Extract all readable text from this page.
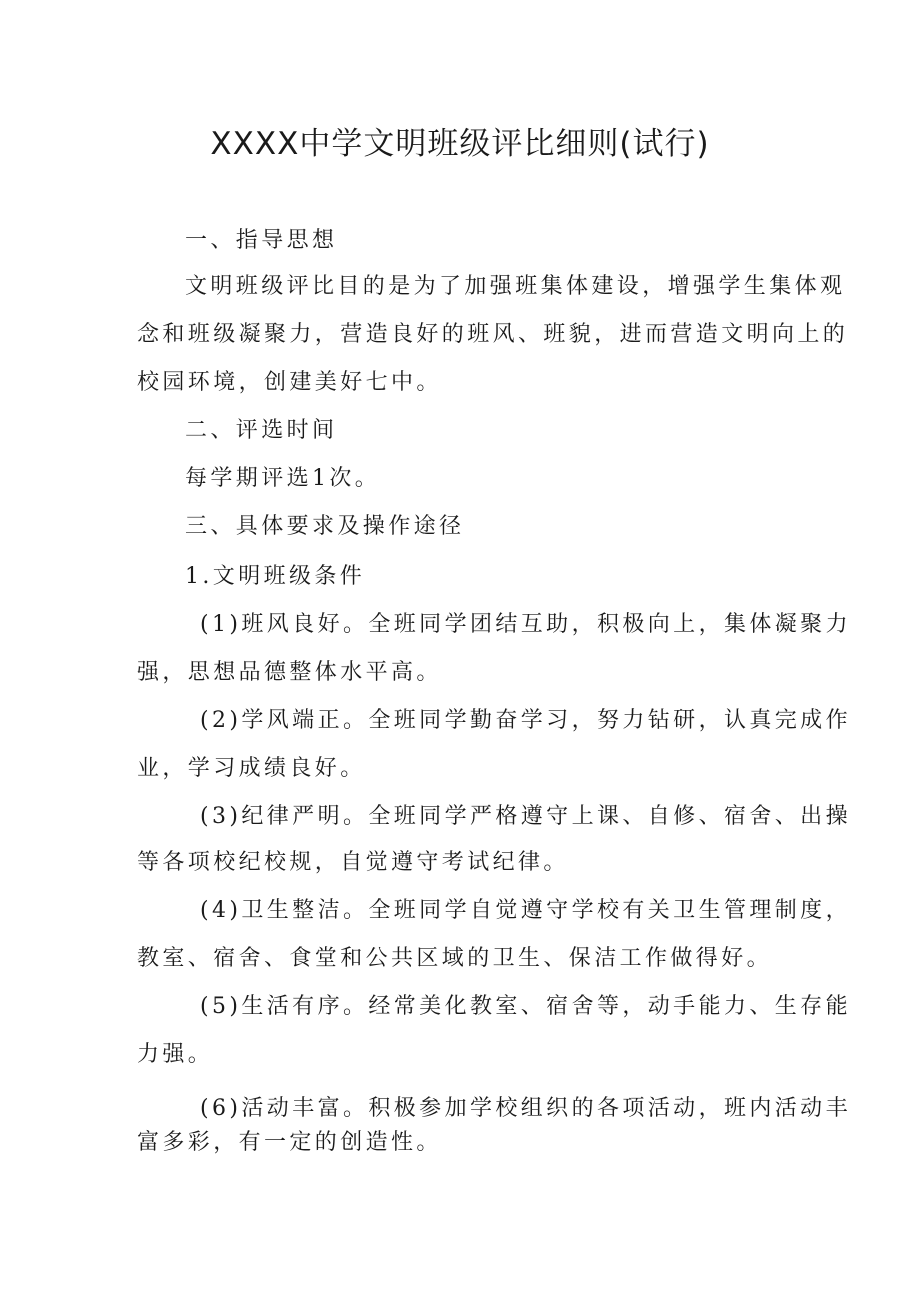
XXXX中学文明班级评比细则(试行)
一、指导思想
文明班级评比目的是为了加强班集体建设，增强学生集体观
念和班级凝聚力，营造良好的班风、班貌，进而营造文明向上的
校园环境，创建美好七中。
二、评选时间
每学期评选1次。
三、具体要求及操作途径
1.文明班级条件
(1)班风良好。全班同学团结互助，积极向上，集体凝聚力
强，思想品德整体水平高。
(2)学风端正。全班同学勤奋学习，努力钻研，认真完成作
业，学习成绩良好。
(3)纪律严明。全班同学严格遵守上课、自修、宿舍、出操
等各项校纪校规，自觉遵守考试纪律。
(4)卫生整洁。全班同学自觉遵守学校有关卫生管理制度，
教室、宿舍、食堂和公共区域的卫生、保洁工作做得好。
(5)生活有序。经常美化教室、宿舍等，动手能力、生存能
力强。
(6)活动丰富。积极参加学校组织的各项活动，班内活动丰
富多彩，有一定的创造性。
